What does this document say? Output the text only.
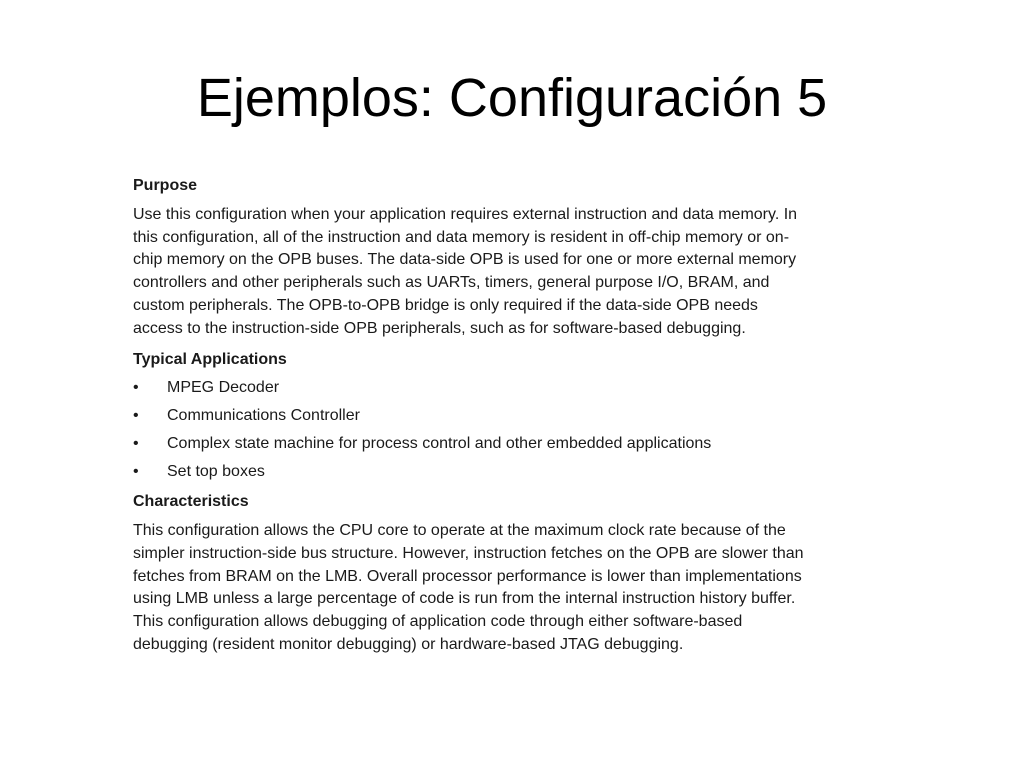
Ejemplos: Configuración 5
Purpose
Use this configuration when your application requires external instruction and data memory. In
this configuration, all of the instruction and data memory is resident in off-chip memory or on-
chip memory on the OPB buses. The data-side OPB is used for one or more external memory
controllers and other peripherals such as UARTs, timers, general purpose I/O, BRAM, and
custom peripherals. The OPB-to-OPB bridge is only required if the data-side OPB needs
access to the instruction-side OPB peripherals, such as for software-based debugging.
Typical Applications
• MPEG Decoder
• Communications Controller
• Complex state machine for process control and other embedded applications
• Set top boxes
Characteristics
This configuration allows the CPU core to operate at the maximum clock rate because of the
simpler instruction-side bus structure. However, instruction fetches on the OPB are slower than
fetches from BRAM on the LMB. Overall processor performance is lower than implementations
using LMB unless a large percentage of code is run from the internal instruction history buffer.
This configuration allows debugging of application code through either software-based
debugging (resident monitor debugging) or hardware-based JTAG debugging.
